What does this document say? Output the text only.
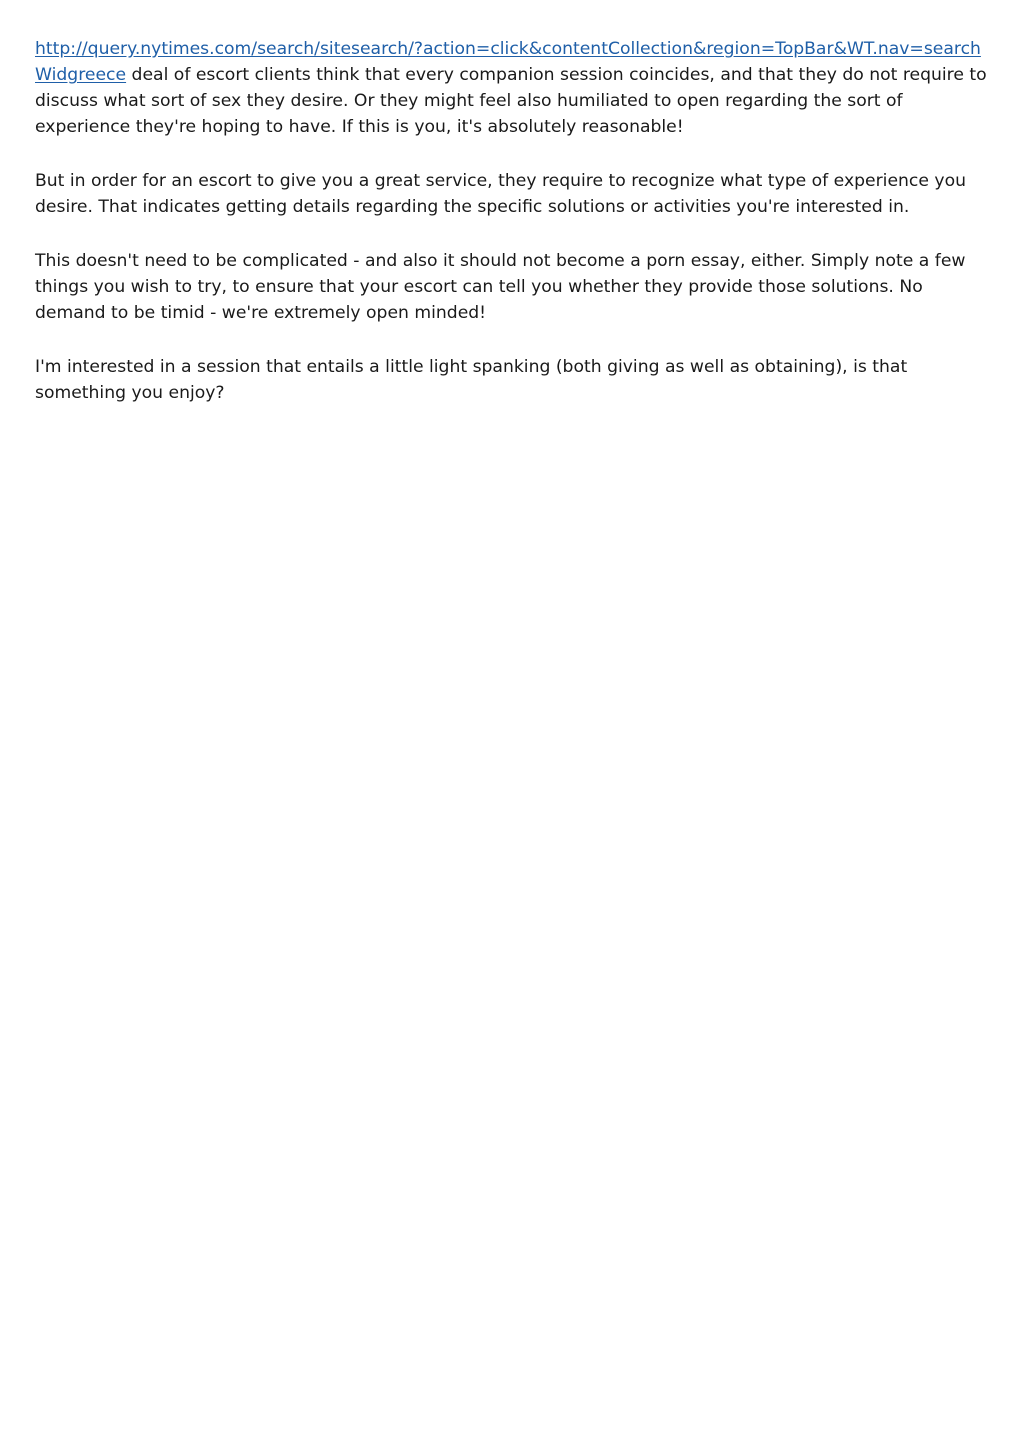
http://query.nytimes.com/search/sitesearch/?action=click&contentCollection&region=TopBar&WT.nav=searchWidgreece deal of escort clients think that every companion session coincides, and that they do not require to discuss what sort of sex they desire. Or they might feel also humiliated to open regarding the sort of experience they're hoping to have. If this is you, it's absolutely reasonable!

But in order for an escort to give you a great service, they require to recognize what type of experience you desire. That indicates getting details regarding the specific solutions or activities you're interested in.

This doesn't need to be complicated - and also it should not become a porn essay, either. Simply note a few things you wish to try, to ensure that your escort can tell you whether they provide those solutions. No demand to be timid - we're extremely open minded!

I'm interested in a session that entails a little light spanking (both giving as well as obtaining), is that something you enjoy?
